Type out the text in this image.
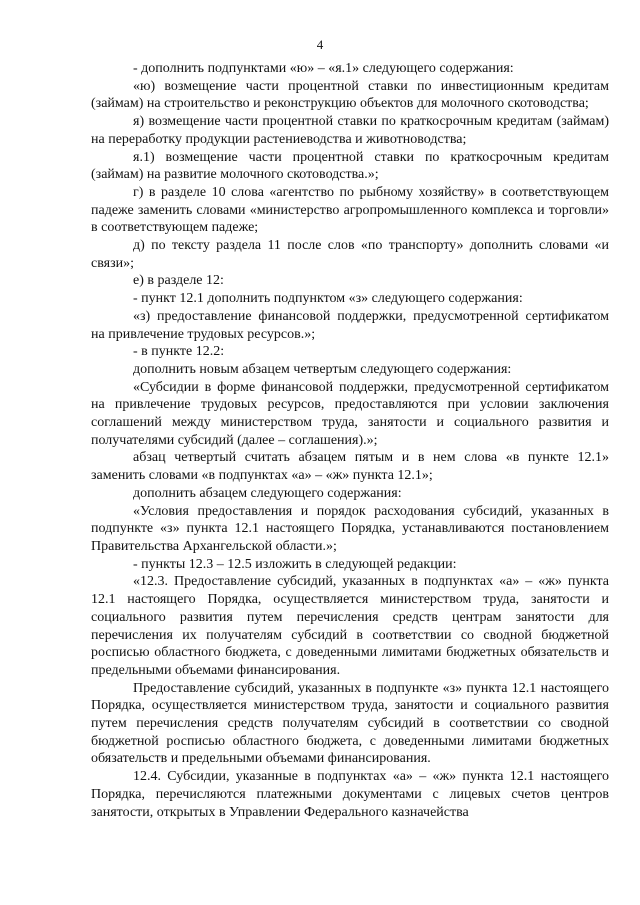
4

- дополнить подпунктами «ю» – «я.1» следующего содержания:

«ю) возмещение части процентной ставки по инвестиционным кредитам (займам) на строительство и реконструкцию объектов для молочного скотоводства;

я) возмещение части процентной ставки по краткосрочным кредитам (займам) на переработку продукции растениеводства и животноводства;

я.1) возмещение части процентной ставки по краткосрочным кредитам (займам) на развитие молочного скотоводства.»;

г) в разделе 10 слова «агентство по рыбному хозяйству» в соответствующем падеже заменить словами «министерство агропромышленного комплекса и торговли» в соответствующем падеже;

д) по тексту раздела 11 после слов «по транспорту» дополнить словами «и связи»;

е) в разделе 12:

- пункт 12.1 дополнить подпунктом «з» следующего содержания:

«з) предоставление финансовой поддержки, предусмотренной сертификатом на привлечение трудовых ресурсов.»;

- в пункте 12.2:

дополнить новым абзацем четвертым следующего содержания:

«Субсидии в форме финансовой поддержки, предусмотренной сертификатом на привлечение трудовых ресурсов, предоставляются при условии заключения соглашений между министерством труда, занятости и социального развития и получателями субсидий (далее – соглашения).»;

абзац четвертый считать абзацем пятым и в нем слова «в пункте 12.1» заменить словами «в подпунктах «а» – «ж» пункта 12.1»;

дополнить абзацем следующего содержания:

«Условия предоставления и порядок расходования субсидий, указанных в подпункте «з» пункта 12.1 настоящего Порядка, устанавливаются постановлением Правительства Архангельской области.»;

- пункты 12.3 – 12.5 изложить в следующей редакции:

«12.3. Предоставление субсидий, указанных в подпунктах «а» – «ж» пункта 12.1 настоящего Порядка, осуществляется министерством труда, занятости и социального развития путем перечисления средств центрам занятости для перечисления их получателям субсидий в соответствии со сводной бюджетной росписью областного бюджета, с доведенными лимитами бюджетных обязательств и предельными объемами финансирования.

Предоставление субсидий, указанных в подпункте «з» пункта 12.1 настоящего Порядка, осуществляется министерством труда, занятости и социального развития путем перечисления средств получателям субсидий в соответствии со сводной бюджетной росписью областного бюджета, с доведенными лимитами бюджетных обязательств и предельными объемами финансирования.

12.4. Субсидии, указанные в подпунктах «а» – «ж» пункта 12.1 настоящего Порядка, перечисляются платежными документами с лицевых счетов центров занятости, открытых в Управлении Федерального казначейства
